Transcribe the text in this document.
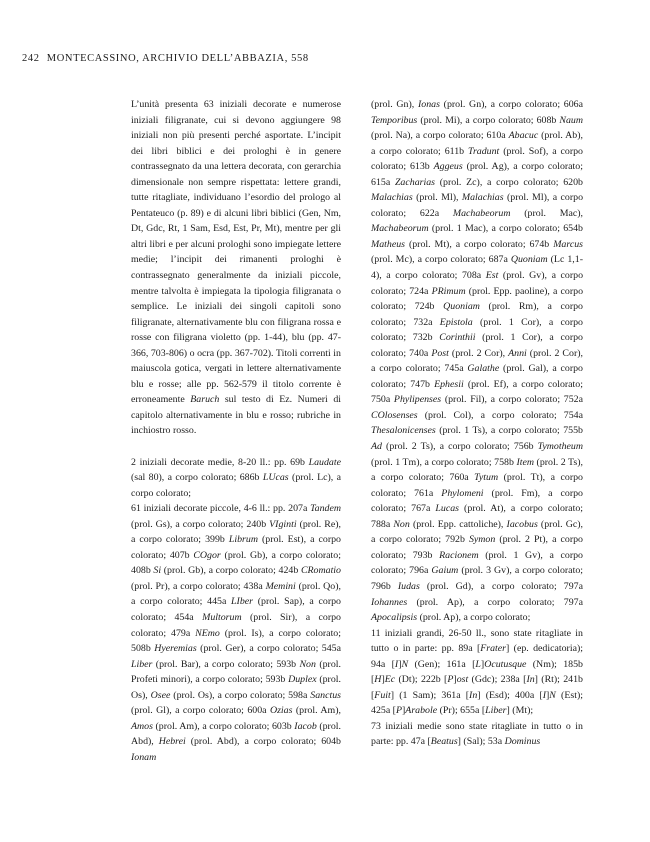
242 MONTECASSINO, ARCHIVIO DELL’ABBAZIA, 558

L’unità presenta 63 iniziali decorate e numerose iniziali filigranate, cui si devono aggiungere 98 iniziali non più presenti perché asportate. L’incipit dei libri biblici e dei prologhi è in genere contrassegnato da una lettera decorata, con gerarchia dimensionale non sempre rispettata: lettere grandi, tutte ritagliate, individuano l’esordio del prologo al Pentateuco (p. 89) e di alcuni libri biblici (Gen, Nm, Dt, Gdc, Rt, 1 Sam, Esd, Est, Pr, Mt), mentre per gli altri libri e per alcuni prologhi sono impiegate lettere medie; l’incipit dei rimanenti prologhi è contrassegnato generalmente da iniziali piccole, mentre talvolta è impiegata la tipologia filigranata o semplice. Le iniziali dei singoli capitoli sono filigranate, alternativamente blu con filigrana rossa e rosse con filigrana violetto (pp. 1-44), blu (pp. 47-366, 703-806) o ocra (pp. 367-702). Titoli correnti in maiuscola gotica, vergati in lettere alternativamente blu e rosse; alle pp. 562-579 il titolo corrente è erroneamente Baruch sul testo di Ez. Numeri di capitolo alternativamente in blu e rosso; rubriche in inchiostro rosso.

2 iniziali decorate medie, 8-20 ll.: pp. 69b Laudate (sal 80), a corpo colorato; 686b LUcas (prol. Lc), a corpo colorato;

61 iniziali decorate piccole, 4-6 ll.: pp. 207a Tandem (prol. Gs), a corpo colorato; 240b VIginti (prol. Re), a corpo colorato; 399b Librum (prol. Est), a corpo colorato; 407b COgor (prol. Gb), a corpo colorato; 408b Si (prol. Gb), a corpo colorato; 424b CRomatio (prol. Pr), a corpo colorato; 438a Memini (prol. Qo), a corpo colorato; 445a LIber (prol. Sap), a corpo colorato; 454a Multorum (prol. Sir), a corpo colorato; 479a NEmo (prol. Is), a corpo colorato; 508b Hyeremias (prol. Ger), a corpo colorato; 545a Liber (prol. Bar), a corpo colorato; 593b Non (prol. Profeti minori), a corpo colorato; 593b Duplex (prol. Os), Osee (prol. Os), a corpo colorato; 598a Sanctus (prol. Gl), a corpo colorato; 600a Ozias (prol. Am), Amos (prol. Am), a corpo colorato; 603b Iacob (prol. Abd), Hebrei (prol. Abd), a corpo colorato; 604b Ionam

(prol. Gn), Ionas (prol. Gn), a corpo colorato; 606a Temporibus (prol. Mi), a corpo colorato; 608b Naum (prol. Na), a corpo colorato; 610a Abacuc (prol. Ab), a corpo colorato; 611b Tradunt (prol. Sof), a corpo colorato; 613b Aggeus (prol. Ag), a corpo colorato; 615a Zacharias (prol. Zc), a corpo colorato; 620b Malachias (prol. Ml), Malachias (prol. Ml), a corpo colorato; 622a Machabeorum (prol. Mac), Machabeorum (prol. 1 Mac), a corpo colorato; 654b Matheus (prol. Mt), a corpo colorato; 674b Marcus (prol. Mc), a corpo colorato; 687a Quoniam (Lc 1,1-4), a corpo colorato; 708a Est (prol. Gv), a corpo colorato; 724a PRimum (prol. Epp. paoline), a corpo colorato; 724b Quoniam (prol. Rm), a corpo colorato; 732a Epistola (prol. 1 Cor), a corpo colorato; 732b Corinthii (prol. 1 Cor), a corpo colorato; 740a Post (prol. 2 Cor), Anni (prol. 2 Cor), a corpo colorato; 745a Galathe (prol. Gal), a corpo colorato; 747b Ephesii (prol. Ef), a corpo colorato; 750a Phylipenses (prol. Fil), a corpo colorato; 752a COlosenses (prol. Col), a corpo colorato; 754a Thesalonicenses (prol. 1 Ts), a corpo colorato; 755b Ad (prol. 2 Ts), a corpo colorato; 756b Tymotheum (prol. 1 Tm), a corpo colorato; 758b Item (prol. 2 Ts), a corpo colorato; 760a Tytum (prol. Tt), a corpo colorato; 761a Phylomeni (prol. Fm), a corpo colorato; 767a Lucas (prol. At), a corpo colorato; 788a Non (prol. Epp. cattoliche), Iacobus (prol. Gc), a corpo colorato; 792b Symon (prol. 2 Pt), a corpo colorato; 793b Racionem (prol. 1 Gv), a corpo colorato; 796a Gaium (prol. 3 Gv), a corpo colorato; 796b Iudas (prol. Gd), a corpo colorato; 797a Iohannes (prol. Ap), a corpo colorato; 797a Apocalipsis (prol. Ap), a corpo colorato;

11 iniziali grandi, 26-50 ll., sono state ritagliate in tutto o in parte: pp. 89a [Frater] (ep. dedicatoria); 94a [I]N (Gen); 161a [L]Ocutusque (Nm); 185b [H]Ec (Dt); 222b [P]ost (Gdc); 238a [In] (Rt); 241b [Fuit] (1 Sam); 361a [In] (Esd); 400a [I]N (Est); 425a [P]Arabole (Pr); 655a [Liber] (Mt);

73 iniziali medie sono state ritagliate in tutto o in parte: pp. 47a [Beatus] (Sal); 53a Dominus
